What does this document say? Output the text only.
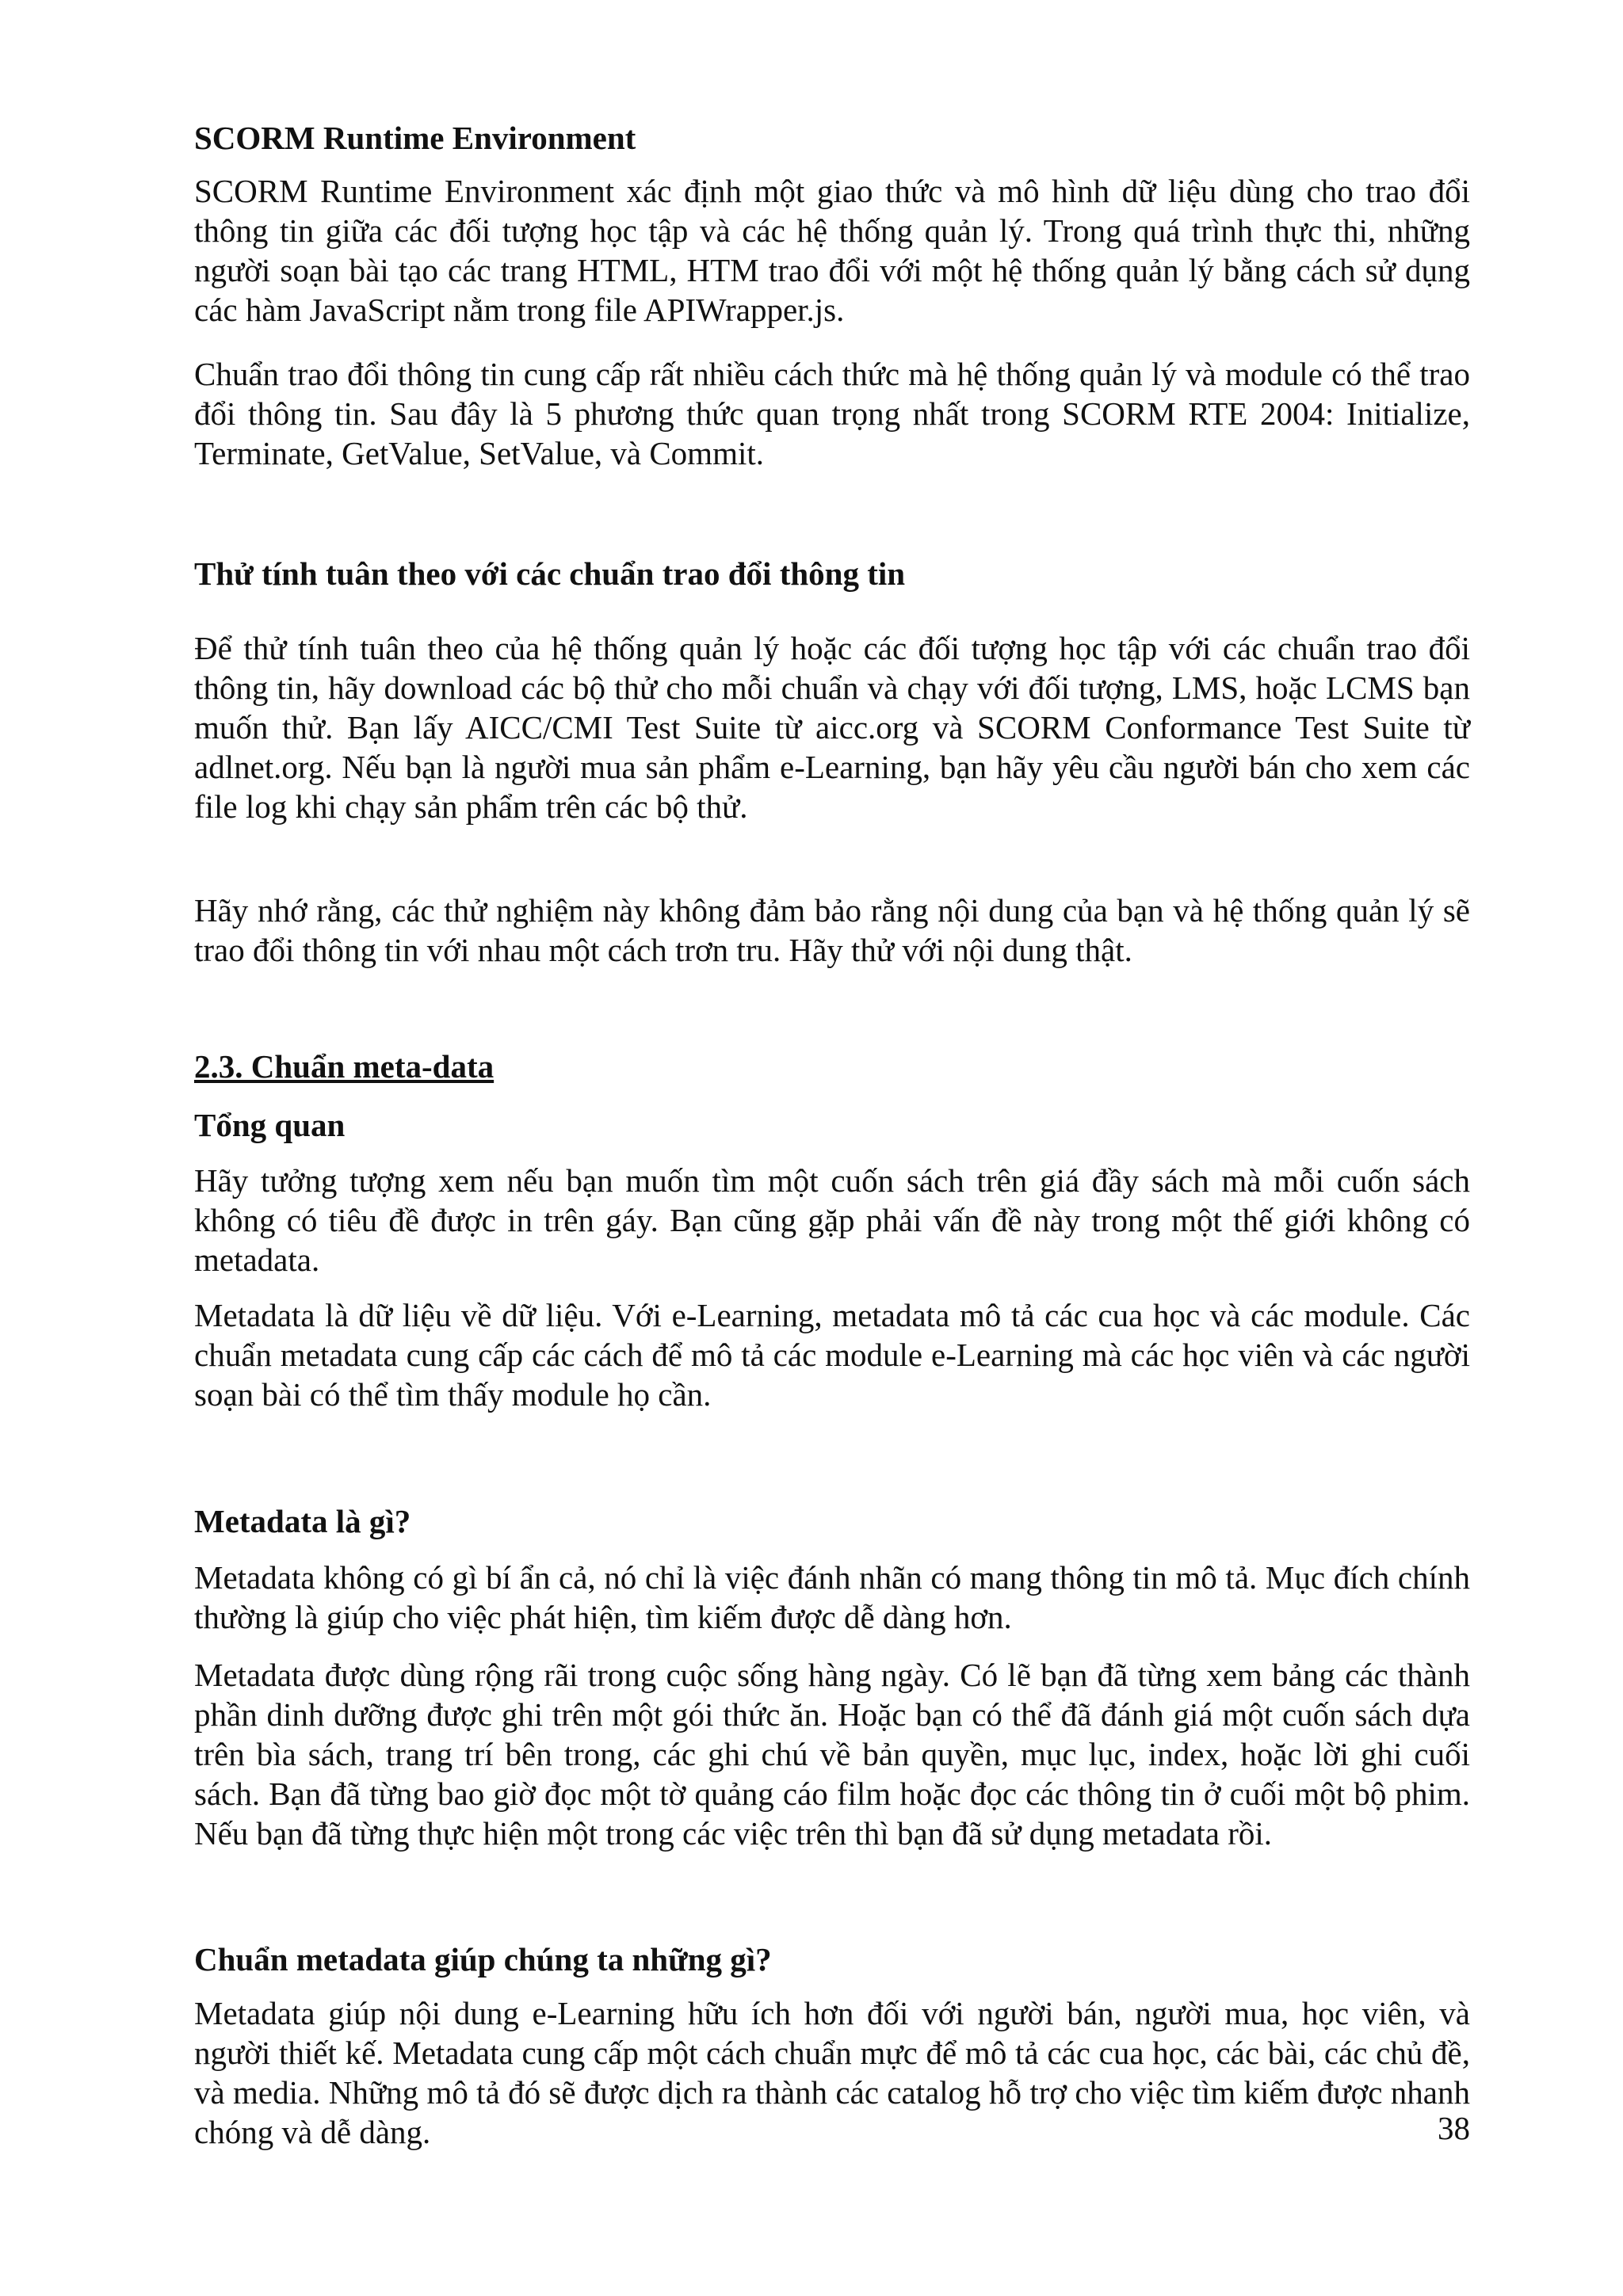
SCORM Runtime Environment

SCORM Runtime Environment xác định một giao thức và mô hình dữ liệu dùng cho trao đổi thông tin giữa các đối tượng học tập và các hệ thống quản lý. Trong quá trình thực thi, những người soạn bài tạo các trang HTML, HTM trao đổi với một hệ thống quản lý bằng cách sử dụng các hàm JavaScript nằm trong file APIWrapper.js.

Chuẩn trao đổi thông tin cung cấp rất nhiều cách thức mà hệ thống quản lý và module có thể trao đổi thông tin. Sau đây là 5 phương thức quan trọng nhất trong SCORM RTE 2004: Initialize, Terminate, GetValue, SetValue, và Commit.

Thử tính tuân theo với các chuẩn trao đổi thông tin

Để thử tính tuân theo của hệ thống quản lý hoặc các đối tượng học tập với các chuẩn trao đổi thông tin, hãy download các bộ thử cho mỗi chuẩn và chạy với đối tượng, LMS, hoặc LCMS bạn muốn thử. Bạn lấy AICC/CMI Test Suite từ aicc.org và SCORM Conformance Test Suite từ adlnet.org. Nếu bạn là người mua sản phẩm e-Learning, bạn hãy yêu cầu người bán cho xem các file log khi chạy sản phẩm trên các bộ thử.

Hãy nhớ rằng, các thử nghiệm này không đảm bảo rằng nội dung của bạn và hệ thống quản lý sẽ trao đổi thông tin với nhau một cách trơn tru. Hãy thử với nội dung thật.

2.3. Chuẩn meta-data
Tổng quan

Hãy tưởng tượng xem nếu bạn muốn tìm một cuốn sách trên giá đầy sách mà mỗi cuốn sách không có tiêu đề được in trên gáy. Bạn cũng gặp phải vấn đề này trong một thế giới không có metadata.

Metadata là dữ liệu về dữ liệu. Với e-Learning, metadata mô tả các cua học và các module. Các chuẩn metadata cung cấp các cách để mô tả các module e-Learning mà các học viên và các người soạn bài có thể tìm thấy module họ cần.

Metadata là gì?

Metadata không có gì bí ẩn cả, nó chỉ là việc đánh nhãn có mang thông tin mô tả. Mục đích chính thường là giúp cho việc phát hiện, tìm kiếm được dễ dàng hơn.

Metadata được dùng rộng rãi trong cuộc sống hàng ngày. Có lẽ bạn đã từng xem bảng các thành phần dinh dưỡng được ghi trên một gói thức ăn. Hoặc bạn có thể đã đánh giá một cuốn sách dựa trên bìa sách, trang trí bên trong, các ghi chú về bản quyền, mục lục, index, hoặc lời ghi cuối sách. Bạn đã từng bao giờ đọc một tờ quảng cáo film hoặc đọc các thông tin ở cuối một bộ phim. Nếu bạn đã từng thực hiện một trong các việc trên thì bạn đã sử dụng metadata rồi.

Chuẩn metadata giúp chúng ta những gì?

Metadata giúp nội dung e-Learning hữu ích hơn đối với người bán, người mua, học viên, và người thiết kế. Metadata cung cấp một cách chuẩn mực để mô tả các cua học, các bài, các chủ đề, và media. Những mô tả đó sẽ được dịch ra thành các catalog hỗ trợ cho việc tìm kiếm được nhanh chóng và dễ dàng.	38
